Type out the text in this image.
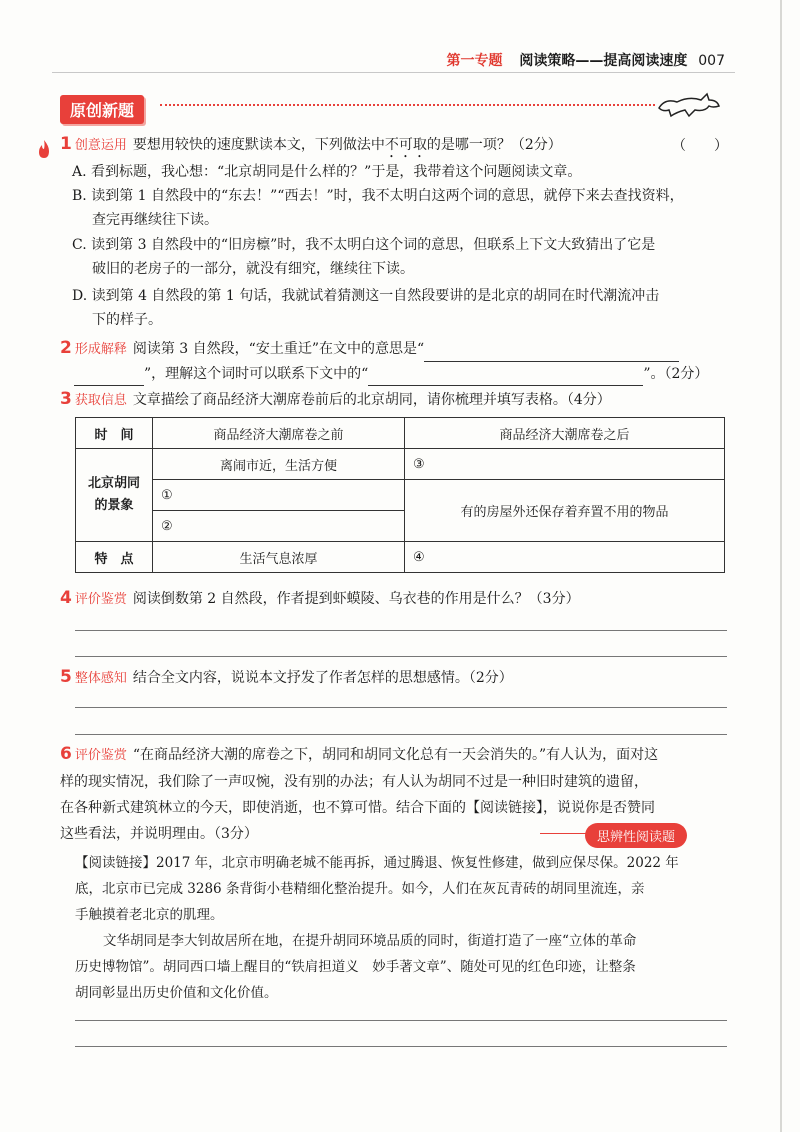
第一专题 阅读策略——提高阅读速度 007
原创新题
1 创意运用 要想用较快的速度默读本文，下列做法中不可取的是哪一项？（2分）	（　　）
A. 看到标题，我心想：“北京胡同是什么样的？”于是，我带着这个问题阅读文章。
B. 读到第 1 自然段中的“东去！”“西去！”时，我不太明白这两个词的意思，就停下来去查找资料，
查完再继续往下读。
C. 读到第 3 自然段中的“旧房檩”时，我不太明白这个词的意思，但联系上下文大致猜出了它是
破旧的老房子的一部分，就没有细究，继续往下读。
D. 读到第 4 自然段的第 1 句话，我就试着猜测这一自然段要讲的是北京的胡同在时代潮流冲击
下的样子。
2 形成解释 阅读第 3 自然段，“安土重迁”在文中的意思是“
”，理解这个词时可以联系下文中的“	”。（2分）
3 获取信息 文章描绘了商品经济大潮席卷前后的北京胡同，请你梳理并填写表格。（4分）
时　间	商品经济大潮席卷之前	商品经济大潮席卷之后
北京胡同的景象	离闹市近，生活方便	③
	①	有的房屋外还保存着弃置不用的物品
	②	
特　点	生活气息浓厚	④
4 评价鉴赏 阅读倒数第 2 自然段，作者提到虾蟆陵、乌衣巷的作用是什么？（3分）
5 整体感知 结合全文内容，说说本文抒发了作者怎样的思想感情。（2分）
6 评价鉴赏 “在商品经济大潮的席卷之下，胡同和胡同文化总有一天会消失的。”有人认为，面对这
样的现实情况，我们除了一声叹惋，没有别的办法；有人认为胡同不过是一种旧时建筑的遗留，
在各种新式建筑林立的今天，即使消逝，也不算可惜。结合下面的【阅读链接】，说说你是否赞同
这些看法，并说明理由。（3分）	思辨性阅读题
【阅读链接】2017 年，北京市明确老城不能再拆，通过腾退、恢复性修建，做到应保尽保。2022 年
底，北京市已完成 3286 条背街小巷精细化整治提升。如今，人们在灰瓦青砖的胡同里流连，亲
手触摸着老北京的肌理。
文华胡同是李大钊故居所在地，在提升胡同环境品质的同时，街道打造了一座“立体的革命
历史博物馆”。胡同西口墙上醒目的“铁肩担道义　妙手著文章”、随处可见的红色印迹，让整条
胡同彰显出历史价值和文化价值。
